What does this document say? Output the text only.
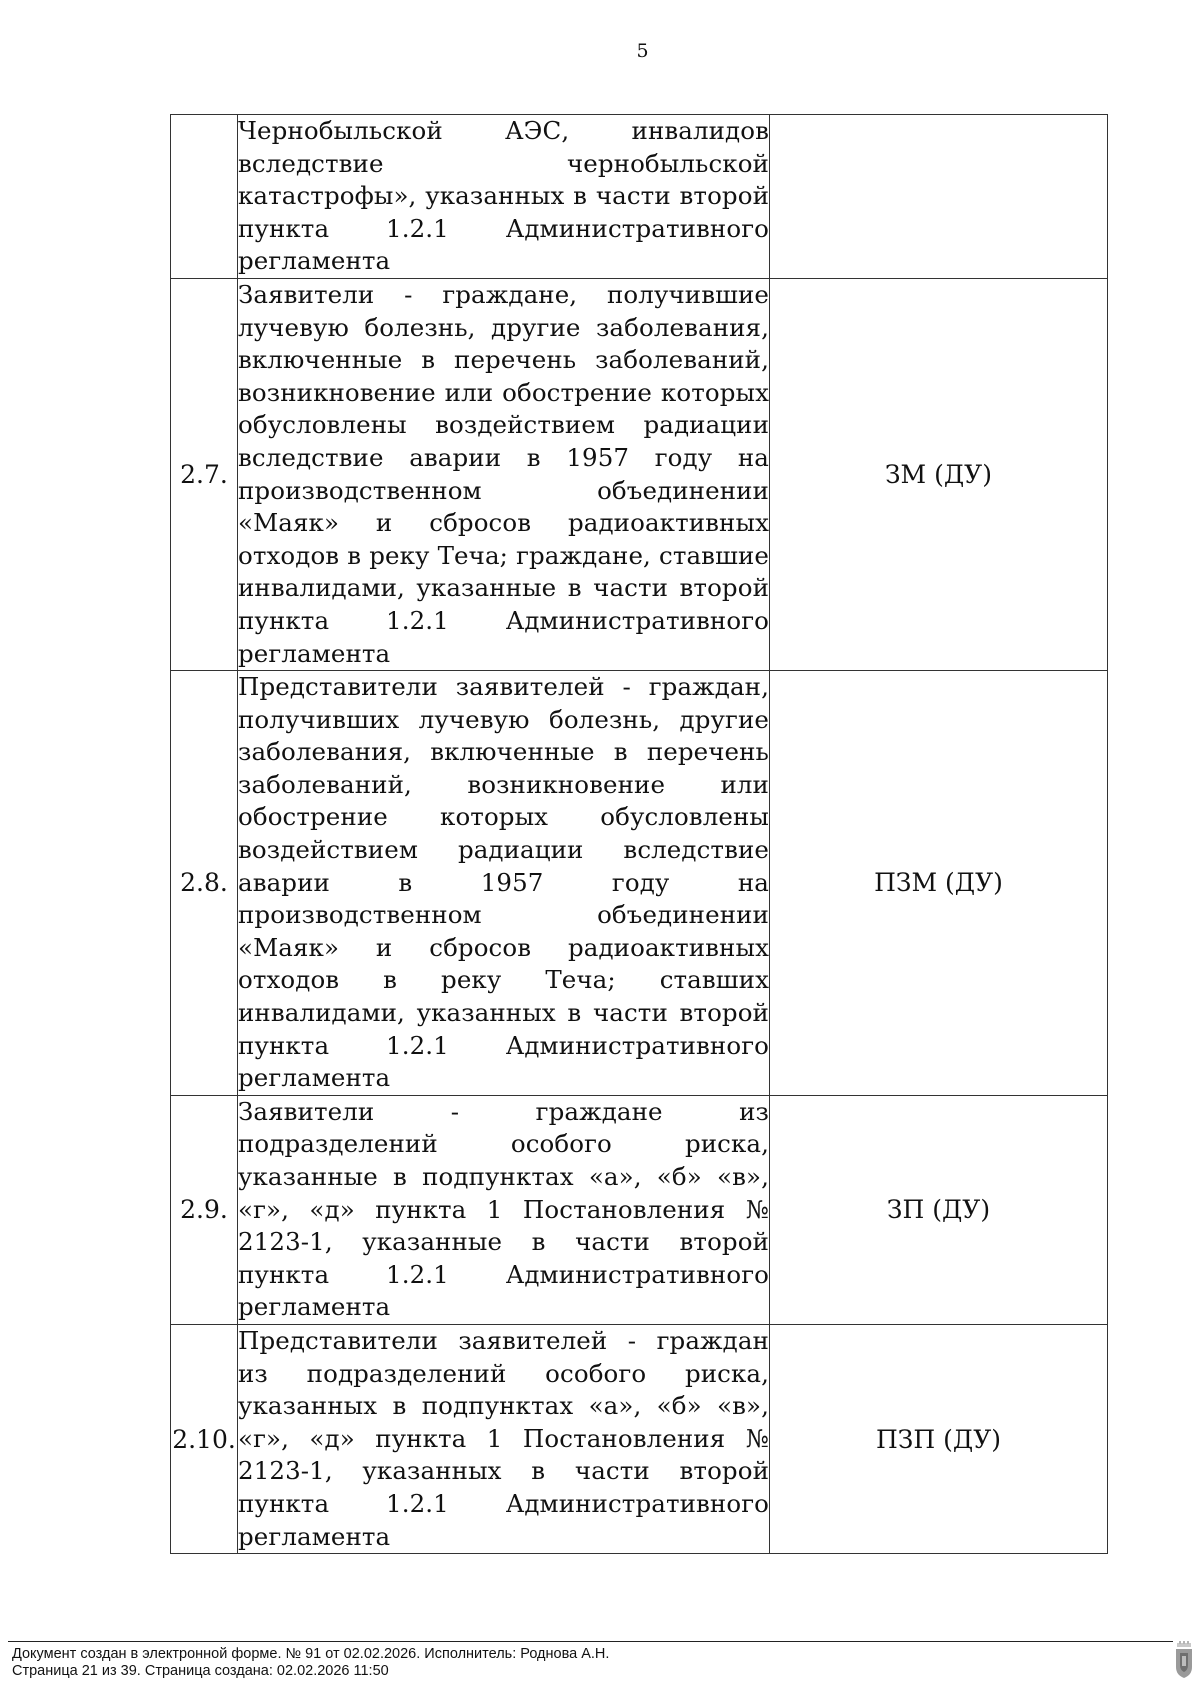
5
	Чернобыльской АЭС, инвалидов вследствие чернобыльской катастрофы», указанных в части второй пункта 1.2.1 Административного регламента	
2.7.	Заявители - граждане, получившие лучевую болезнь, другие заболевания, включенные в перечень заболеваний, возникновение или обострение которых обусловлены воздействием радиации вследствие аварии в 1957 году на производственном объединении «Маяк» и сбросов радиоактивных отходов в реку Теча; граждане, ставшие инвалидами, указанные в части второй пункта 1.2.1 Административного регламента	ЗМ (ДУ)
2.8.	Представители заявителей - граждан, получивших лучевую болезнь, другие заболевания, включенные в перечень заболеваний, возникновение или обострение которых обусловлены воздействием радиации вследствие аварии в 1957 году на производственном объединении «Маяк» и сбросов радиоактивных отходов в реку Теча; ставших инвалидами, указанных в части второй пункта 1.2.1 Административного регламента	ПЗМ (ДУ)
2.9.	Заявители - граждане из подразделений особого риска, указанные в подпунктах «а», «б» «в», «г», «д» пункта 1 Постановления № 2123-1, указанные в части второй пункта 1.2.1 Административного регламента	ЗП (ДУ)
2.10.	Представители заявителей - граждан из подразделений особого риска, указанных в подпунктах «а», «б» «в», «г», «д» пункта 1 Постановления № 2123-1, указанных в части второй пункта 1.2.1 Административного регламента	ПЗП (ДУ)
Документ создан в электронной форме. № 91 от 02.02.2026. Исполнитель: Роднова А.Н.
Страница 21 из 39. Страница создана: 02.02.2026 11:50
